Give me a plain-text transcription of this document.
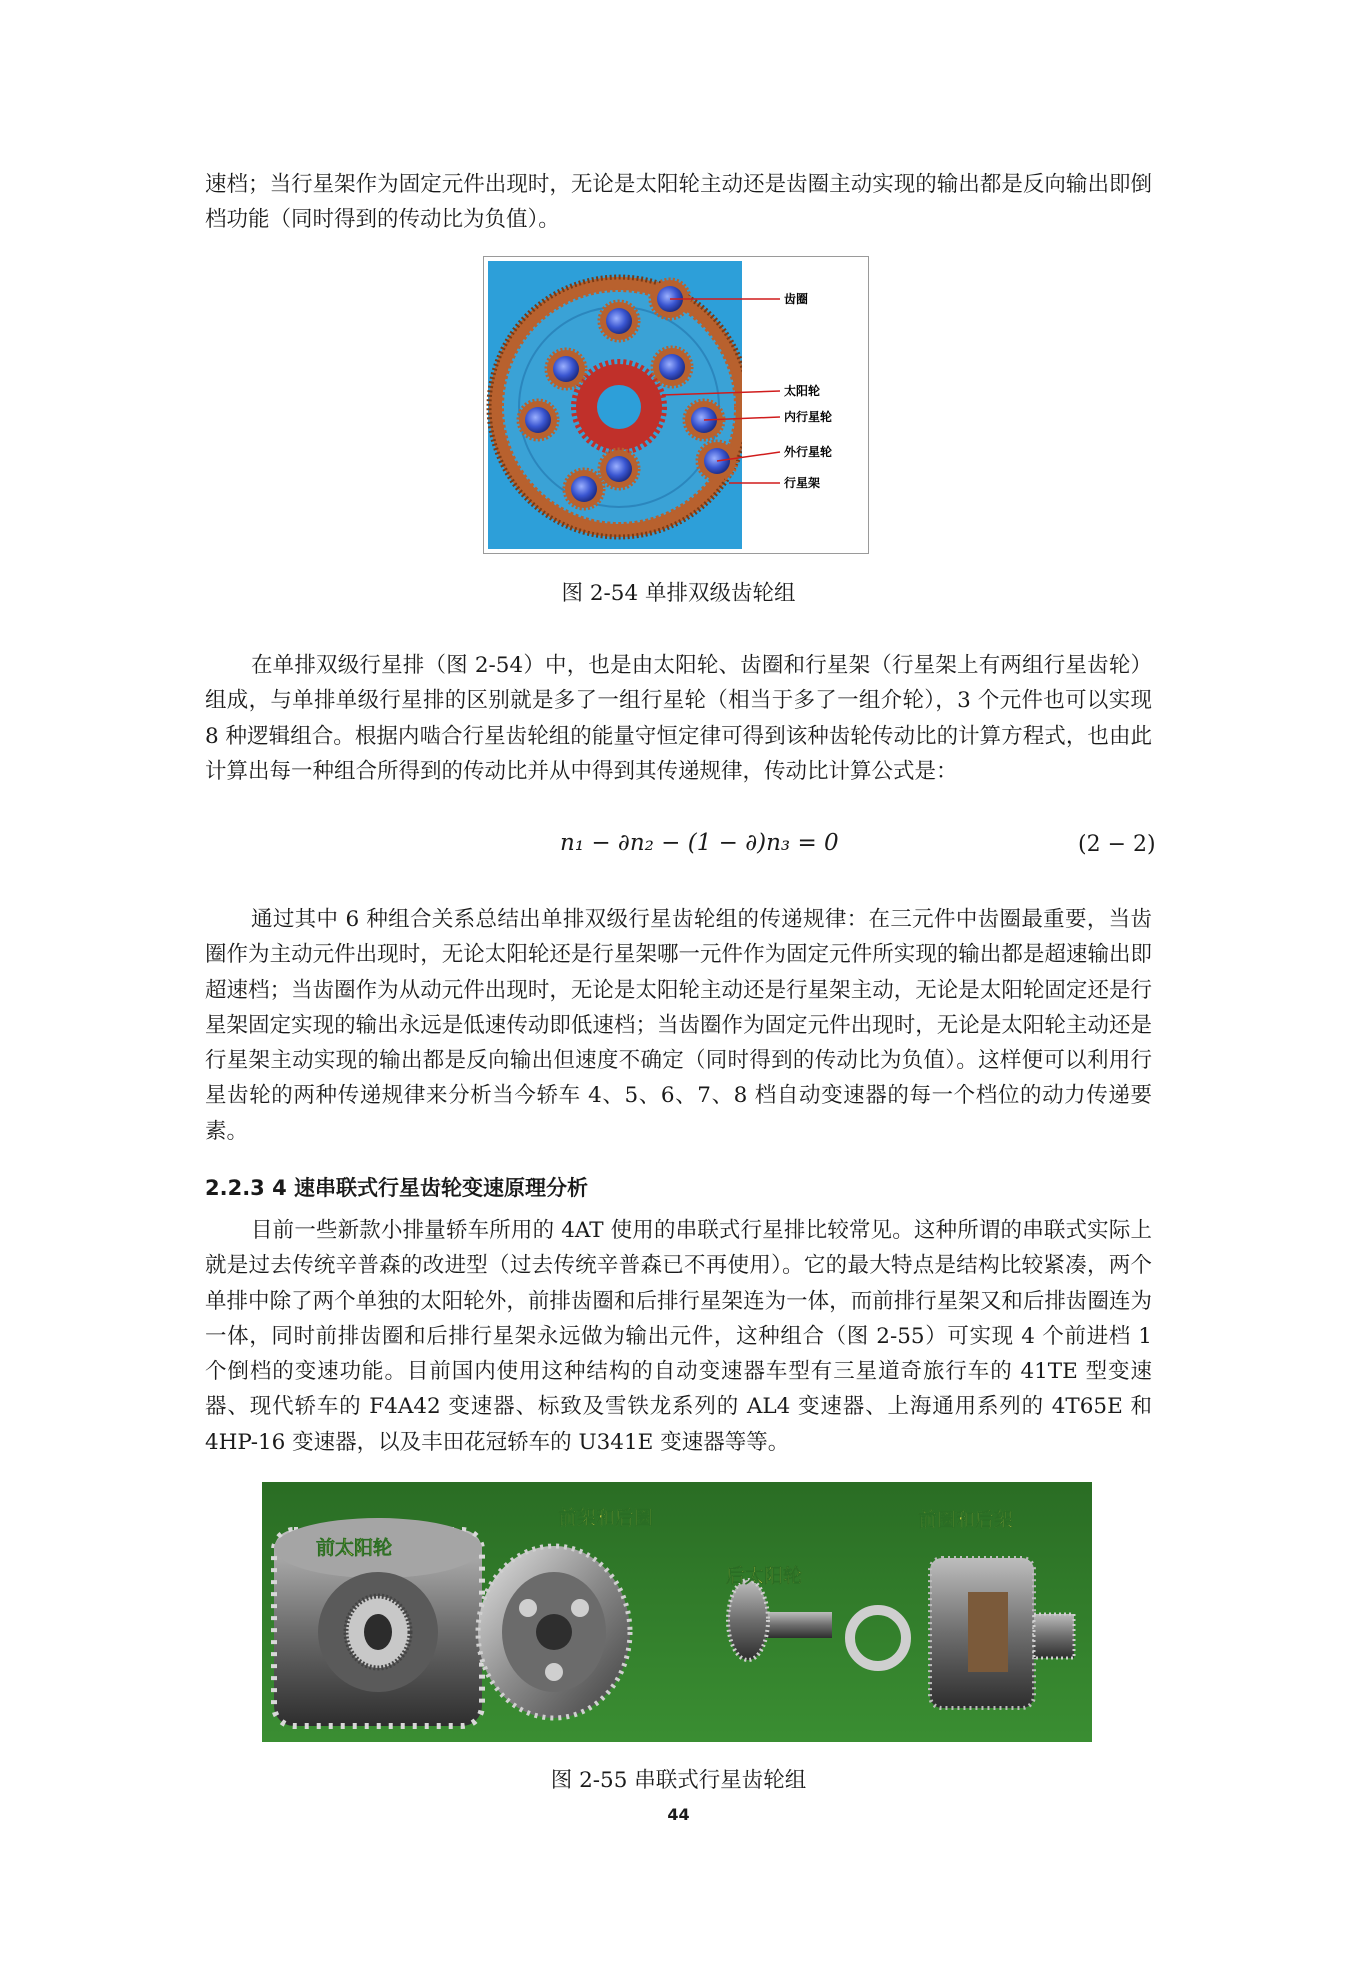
速档；当行星架作为固定元件出现时，无论是太阳轮主动还是齿圈主动实现的输出都是反向输出即倒档功能（同时得到的传动比为负值）。

齿圈
太阳轮
内行星轮
外行星轮
行星架

图 2-54 单排双级齿轮组

在单排双级行星排（图 2-54）中，也是由太阳轮、齿圈和行星架（行星架上有两组行星齿轮）组成，与单排单级行星排的区别就是多了一组行星轮（相当于多了一组介轮），3 个元件也可以实现 8 种逻辑组合。根据内啮合行星齿轮组的能量守恒定律可得到该种齿轮传动比的计算方程式，也由此计算出每一种组合所得到的传动比并从中得到其传递规律，传动比计算公式是：

n₁ − ∂n₂ − (1 − ∂)n₃ = 0	(2 − 2)

通过其中 6 种组合关系总结出单排双级行星齿轮组的传递规律：在三元件中齿圈最重要，当齿圈作为主动元件出现时，无论太阳轮还是行星架哪一元件作为固定元件所实现的输出都是超速输出即超速档；当齿圈作为从动元件出现时，无论是太阳轮主动还是行星架主动，无论是太阳轮固定还是行星架固定实现的输出永远是低速传动即低速档；当齿圈作为固定元件出现时，无论是太阳轮主动还是行星架主动实现的输出都是反向输出但速度不确定（同时得到的传动比为负值）。这样便可以利用行星齿轮的两种传递规律来分析当今轿车 4、5、6、7、8 档自动变速器的每一个档位的动力传递要素。

2.2.3 4 速串联式行星齿轮变速原理分析

目前一些新款小排量轿车所用的 4AT 使用的串联式行星排比较常见。这种所谓的串联式实际上就是过去传统辛普森的改进型（过去传统辛普森已不再使用）。它的最大特点是结构比较紧凑，两个单排中除了两个单独的太阳轮外，前排齿圈和后排行星架连为一体，而前排行星架又和后排齿圈连为一体，同时前排齿圈和后排行星架永远做为输出元件，这种组合（图 2-55）可实现 4 个前进档 1 个倒档的变速功能。目前国内使用这种结构的自动变速器车型有三星道奇旅行车的 41TE 型变速器、现代轿车的 F4A42 变速器、标致及雪铁龙系列的 AL4 变速器、上海通用系列的 4T65E 和 4HP-16 变速器，以及丰田花冠轿车的 U341E 变速器等等。

前太阳轮
前架和后圈
后太阳轮
前圈和后架

图 2-55 串联式行星齿轮组

44
